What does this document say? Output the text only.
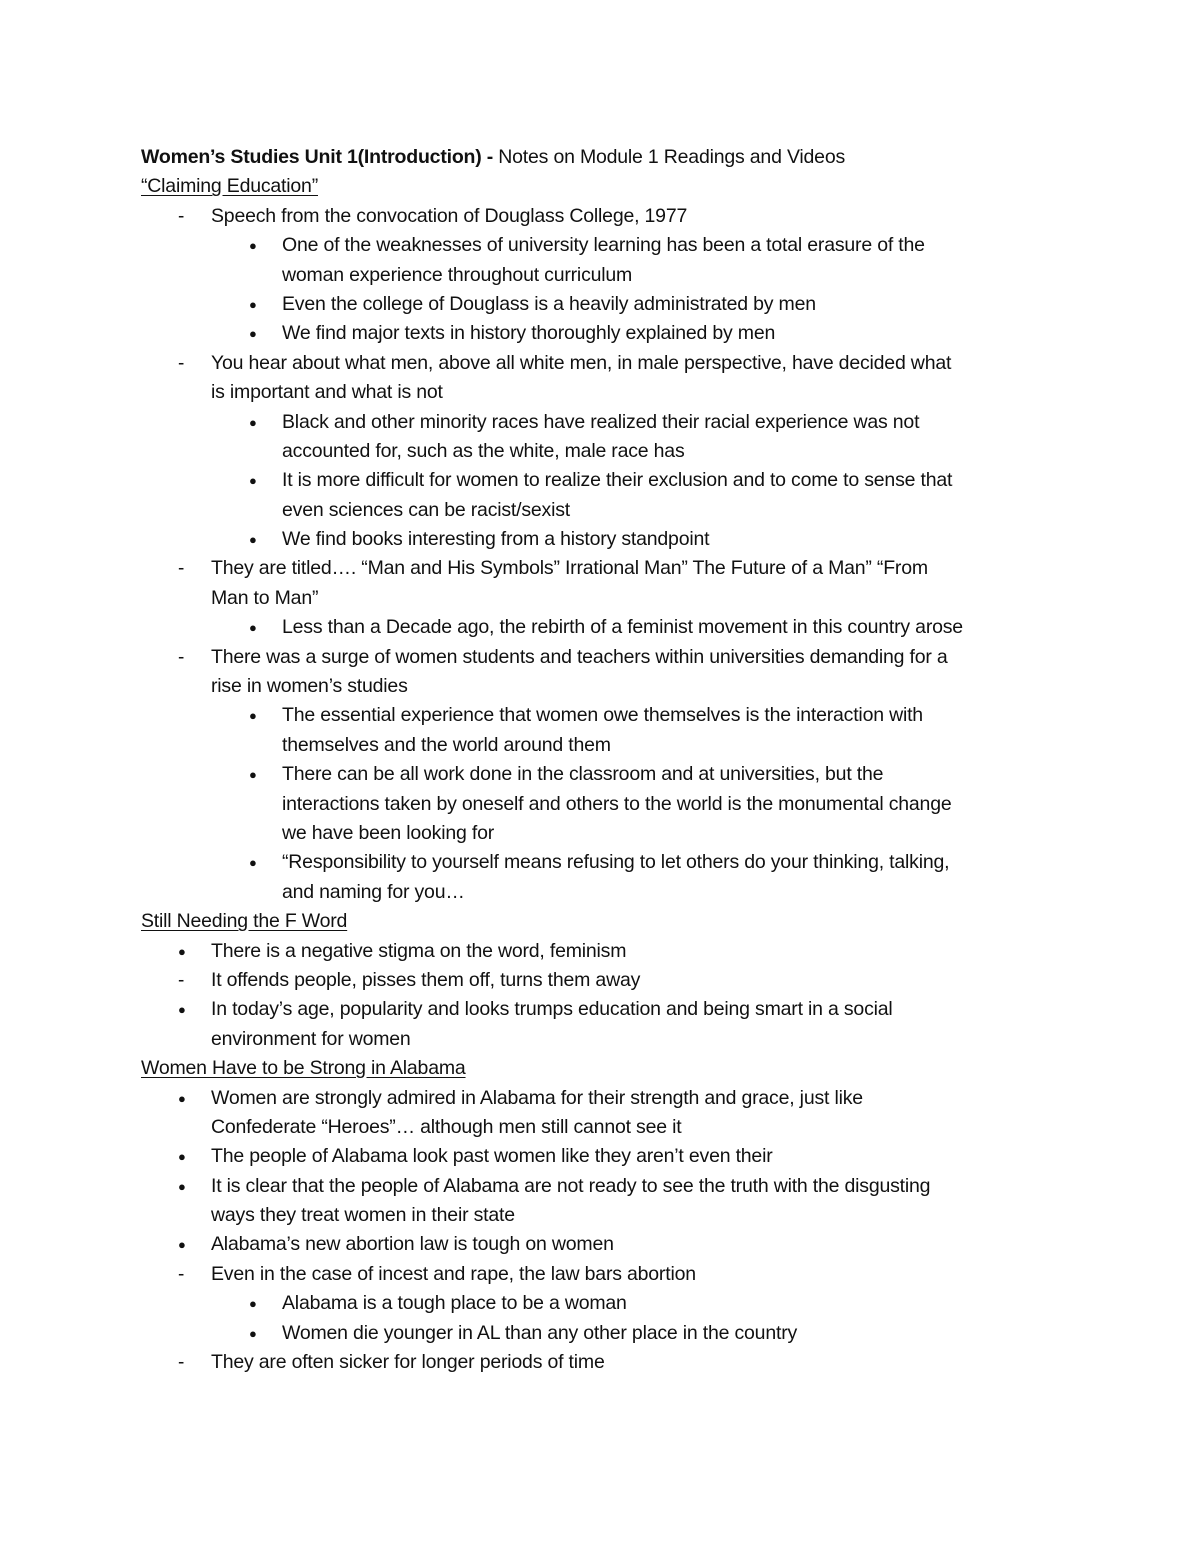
Women’s Studies Unit 1(Introduction) - Notes on Module 1 Readings and Videos
“Claiming Education”
- Speech from the convocation of Douglass College, 1977
● One of the weaknesses of university learning has been a total erasure of the
woman experience throughout curriculum
● Even the college of Douglass is a heavily administrated by men
● We find major texts in history thoroughly explained by men
- You hear about what men, above all white men, in male perspective, have decided what
is important and what is not
● Black and other minority races have realized their racial experience was not
accounted for, such as the white, male race has
● It is more difficult for women to realize their exclusion and to come to sense that
even sciences can be racist/sexist
● We find books interesting from a history standpoint
- They are titled…. “Man and His Symbols” Irrational Man” The Future of a Man” “From
Man to Man”
● Less than a Decade ago, the rebirth of a feminist movement in this country arose
- There was a surge of women students and teachers within universities demanding for a
rise in women’s studies
● The essential experience that women owe themselves is the interaction with
themselves and the world around them
● There can be all work done in the classroom and at universities, but the
interactions taken by oneself and others to the world is the monumental change
we have been looking for
● “Responsibility to yourself means refusing to let others do your thinking, talking,
and naming for you…
Still Needing the F Word
● There is a negative stigma on the word, feminism
- It offends people, pisses them off, turns them away
● In today’s age, popularity and looks trumps education and being smart in a social
environment for women
Women Have to be Strong in Alabama
● Women are strongly admired in Alabama for their strength and grace, just like
Confederate “Heroes”… although men still cannot see it
● The people of Alabama look past women like they aren’t even their
● It is clear that the people of Alabama are not ready to see the truth with the disgusting
ways they treat women in their state
● Alabama’s new abortion law is tough on women
- Even in the case of incest and rape, the law bars abortion
● Alabama is a tough place to be a woman
● Women die younger in AL than any other place in the country
- They are often sicker for longer periods of time
